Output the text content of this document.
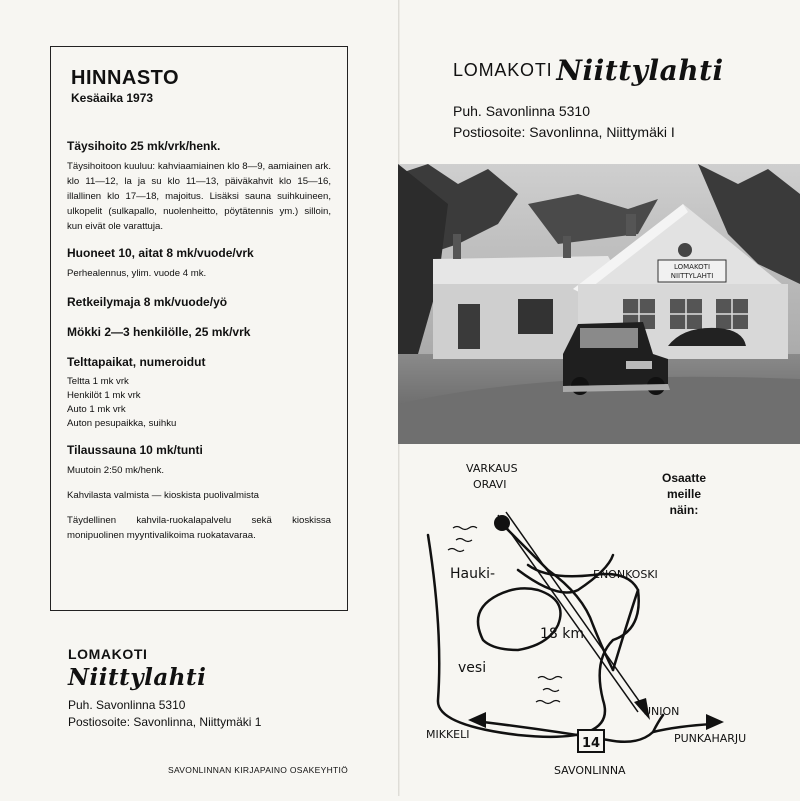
HINNASTO
Kesäaika 1973

Täysihoito 25 mk/vrk/henk.

Täysihoitoon kuuluu: kahviaamiainen klo 8—9, aamiainen ark. klo 11—12, la ja su klo 11—13, päiväkahvit klo 15—16, illallinen klo 17—18, majoitus. Lisäksi sauna suihkuineen, ulkopelit (sulkapallo, nuolenheitto, pöytätennis ym.) silloin, kun eivät ole varattuja.

Huoneet 10, aitat 8 mk/vuode/vrk

Perhealennus, ylim. vuode 4 mk.

Retkeilymaja 8 mk/vuode/yö

Mökki 2—3 henkilölle, 25 mk/vrk

Telttapaikat, numeroidut

Teltta 1 mk vrk
Henkilöt 1 mk vrk
Auto 1 mk vrk
Auton pesupaikka, suihku

Tilaussauna 10 mk/tunti

Muutoin 2:50 mk/henk.

Kahvilasta valmista — kioskista puolivalmista

Täydellinen kahvila-ruokalapalvelu sekä kioskissa monipuolinen myyntivalikoima ruokatavaraa.

LOMAKOTI
Niittylahti
Puh. Savonlinna 5310
Postiosoite: Savonlinna, Niittymäki 1
SAVONLINNAN KIRJAPAINO OSAKEYHTIÖ
LOMAKOTI Niittylahti
Puh. Savonlinna 5310
Postiosoite: Savonlinna, Niittymäki I
LOMAKOTI
NIITTYLAHTI
14
VARKAUS
ORAVI
ENONKOSKI
Hauki-
vesi
18 km
UNION
MIKKELI	PUNKAHARJU
SAVONLINNA
Osaatte
meille
näin:
